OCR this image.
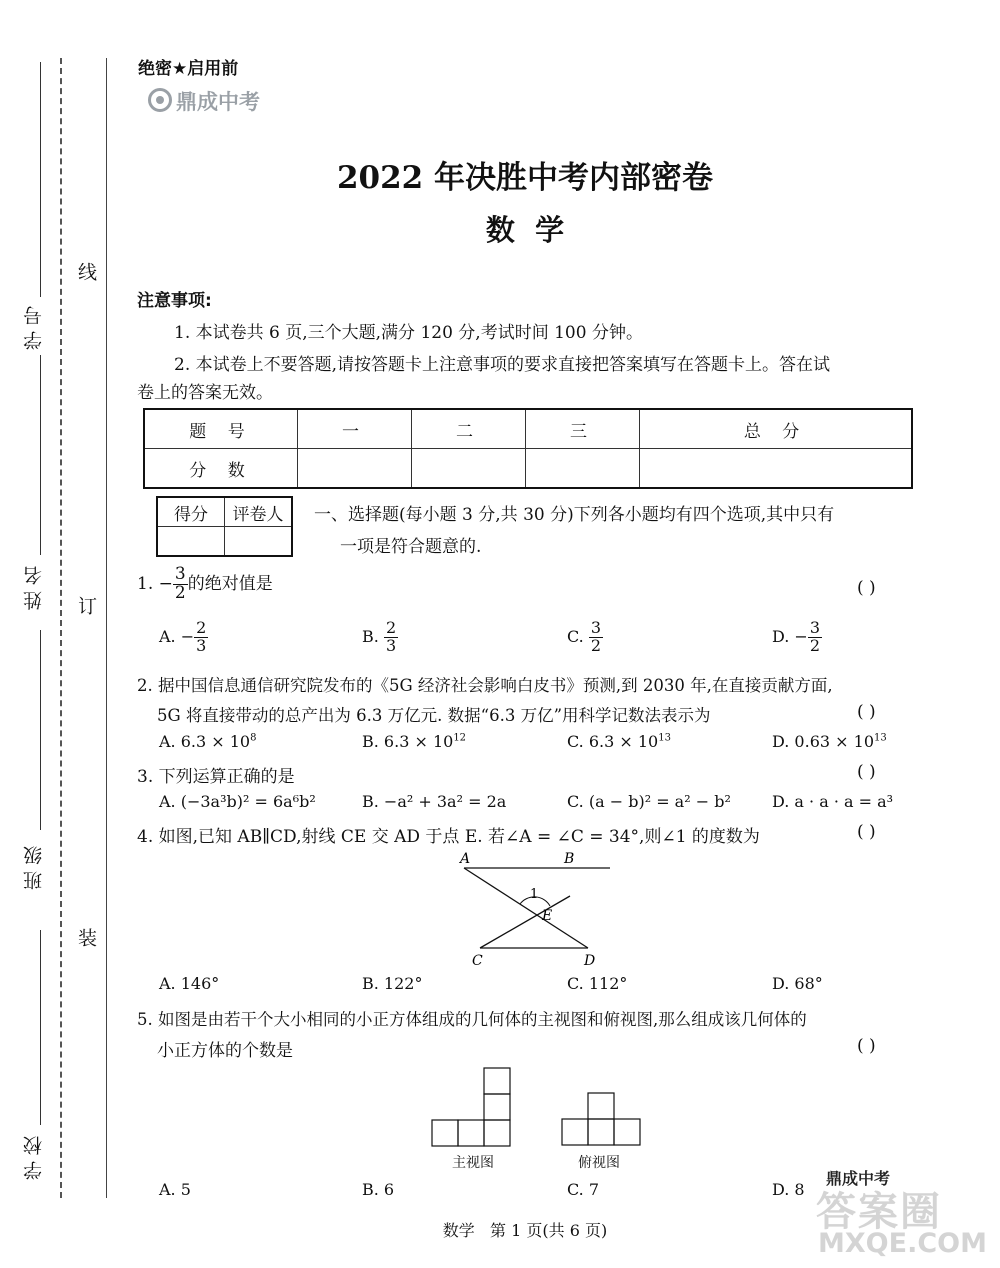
学号
姓名
班级
学校
线
订
装
绝密★启用前
鼎成中考
2022 年决胜中考内部密卷
数  学
注意事项:
1. 本试卷共 6 页,三个大题,满分 120 分,考试时间 100 分钟。
2. 本试卷上不要答题,请按答题卡上注意事项的要求直接把答案填写在答题卡上。答在试
卷上的答案无效。
题 号	一	二	三	总 分
分 数				
得分	评卷人
	一、选择题(每小题 3 分,共 30 分)下列各小题均有四个选项,其中只有
一项是符合题意的.
1. − $\frac{3}{2}$ 的绝对值是	( )
A. − $\frac{2}{3}$	B. $\frac{2}{3}$	C. $\frac{3}{2}$	D. − $\frac{3}{2}$
2. 据中国信息通信研究院发布的《5G 经济社会影响白皮书》预测,到 2030 年,在直接贡献方面,
5G 将直接带动的总产出为 6.3 万亿元. 数据“6.3 万亿”用科学记数法表示为	( )
A. $6.3 \times 10^8$	B. $6.3 \times 10^{12}$	C. $6.3 \times 10^{13}$	D. $0.63 \times 10^{13}$
3. 下列运算正确的是	( )
A. (−3a³b)² = 6a⁶b²	B. −a² + 3a² = 2a	C. (a − b)² = a² − b²	D. a · a · a = a³
4. 如图,已知 AB∥CD,射线 CE 交 AD 于点 E. 若∠A = ∠C = 34°,则∠1 的度数为	( )
A	B
1
E
C	D
A. 146°	B. 122°	C. 112°	D. 68°
5. 如图是由若干个大小相同的小正方体组成的几何体的主视图和俯视图,那么组成该几何体的
小正方体的个数是	( )
主视图	俯视图
A. 5	B. 6	C. 7	D. 8
数学   第 1 页(共 6 页)
鼎成中考
答案圈
MXQE.COM
